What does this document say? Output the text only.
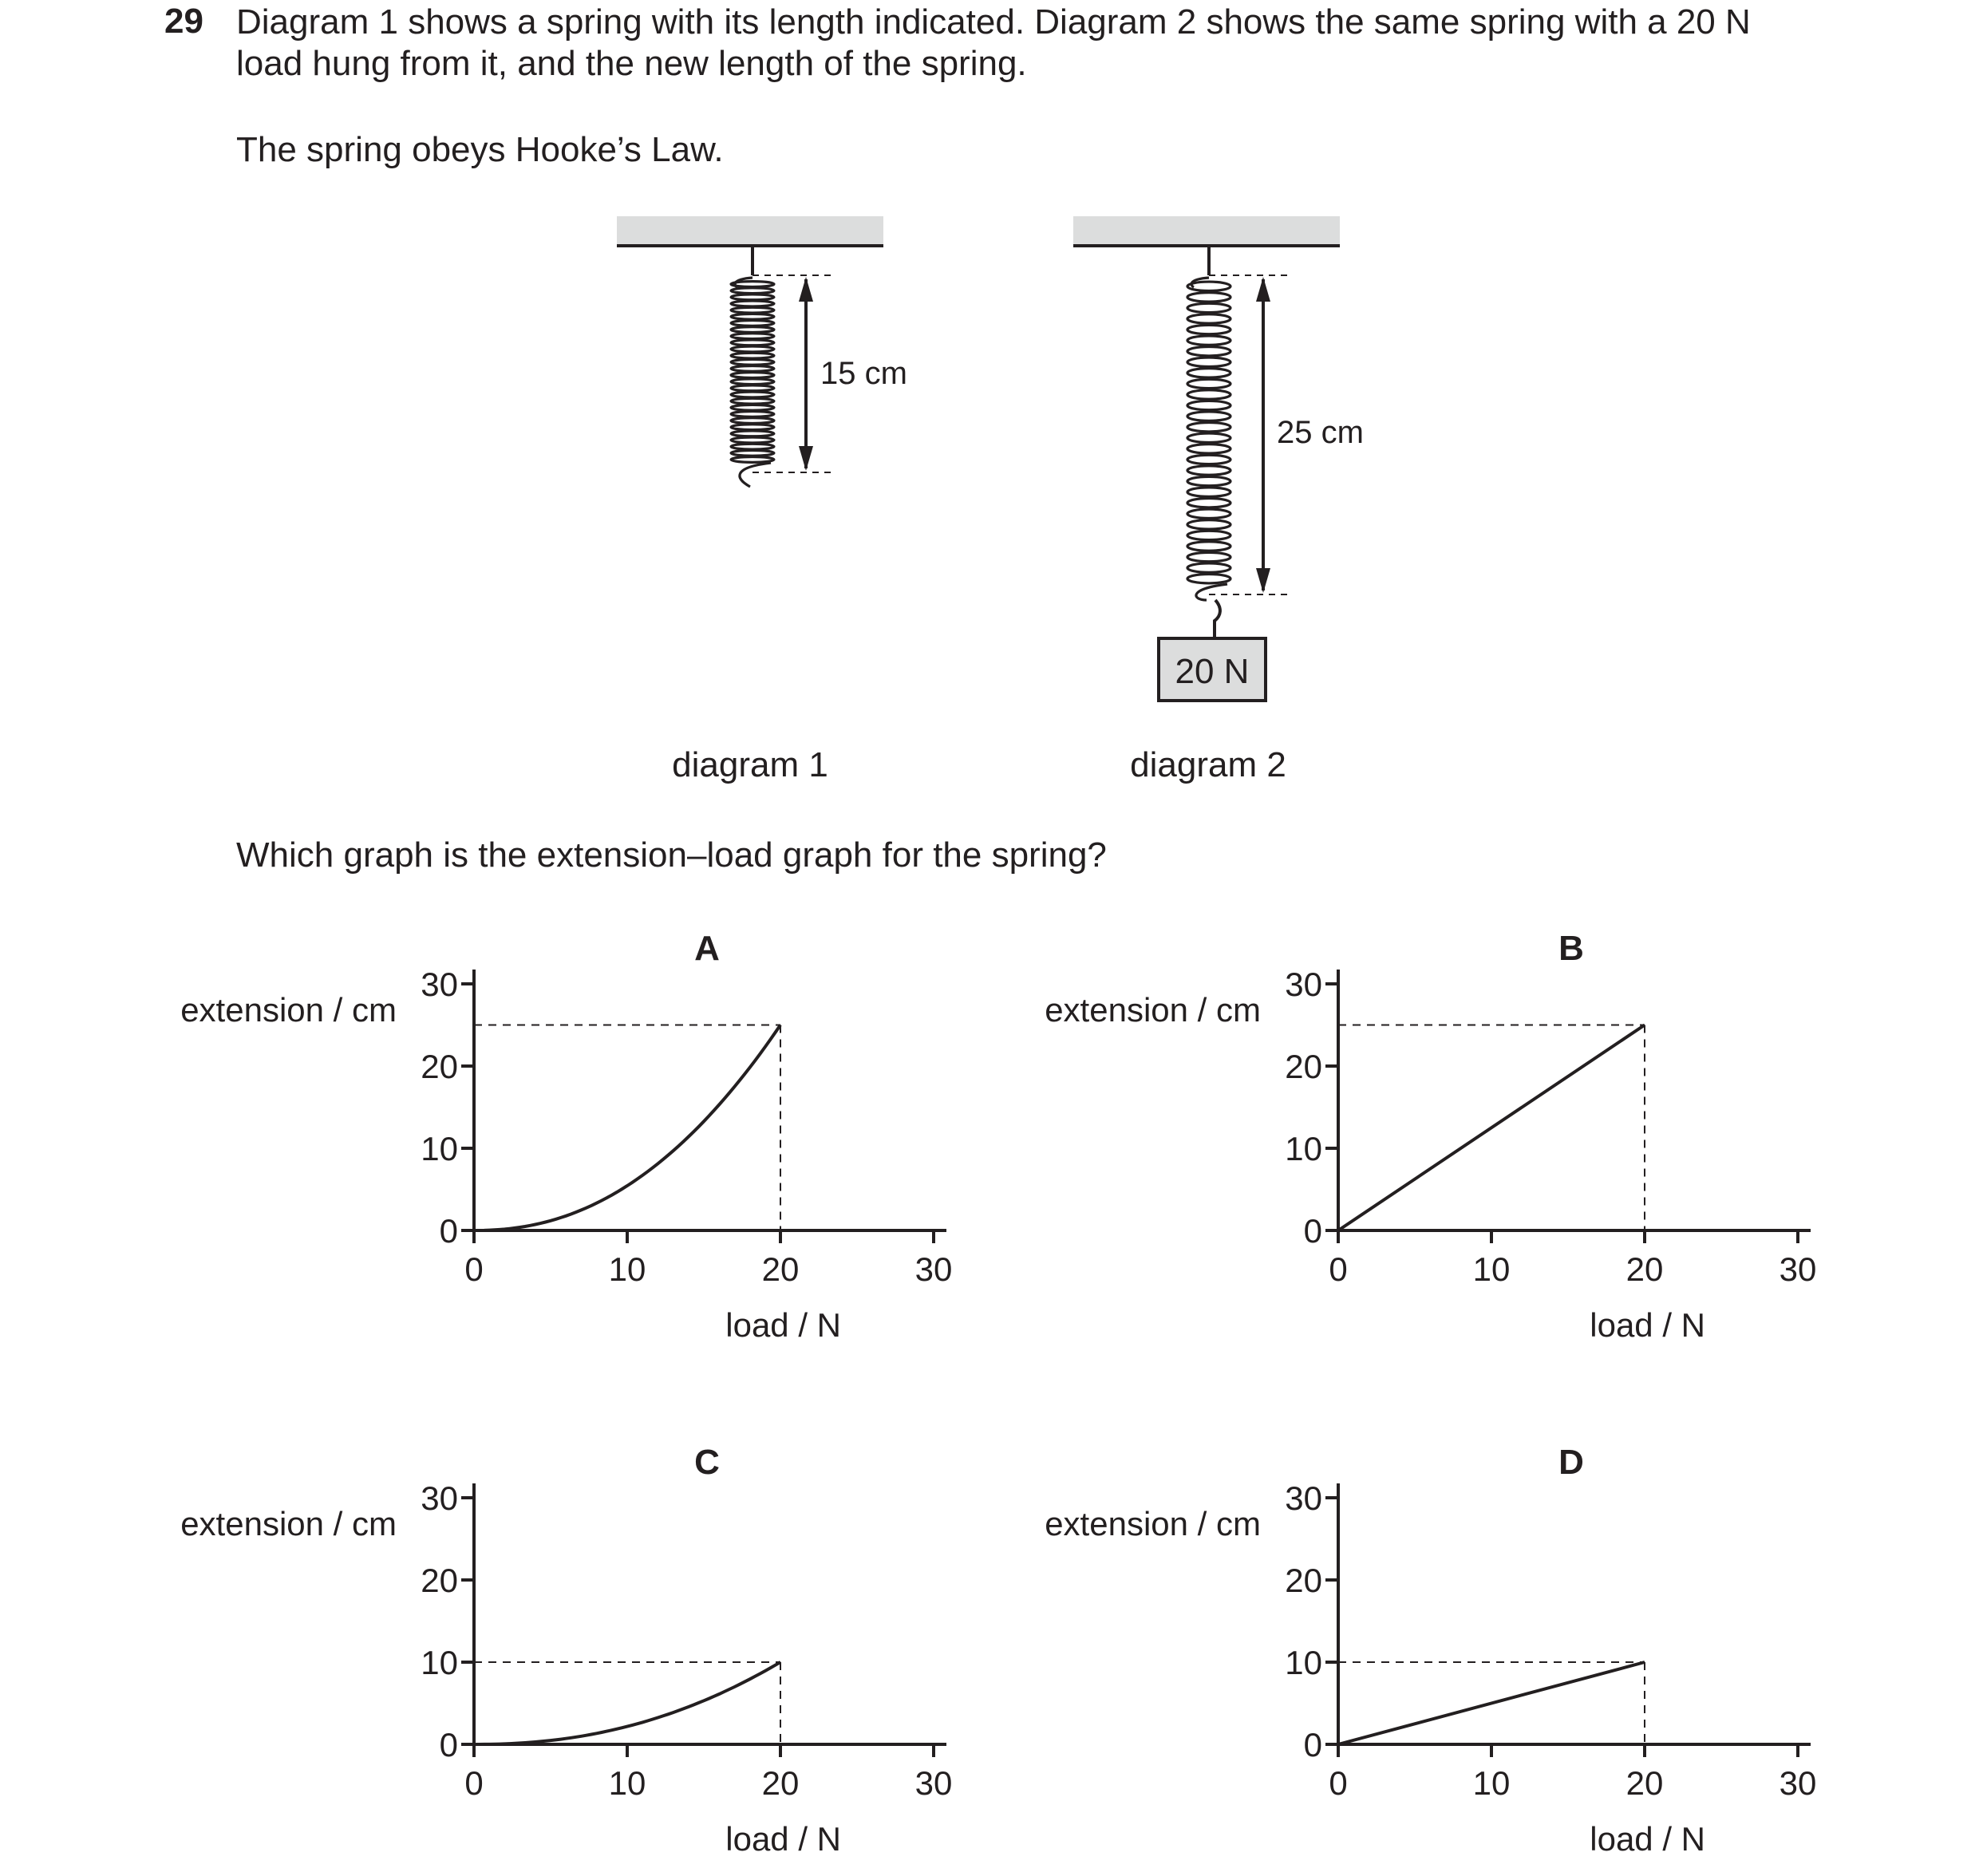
29 Diagram 1 shows a spring with its length indicated. Diagram 2 shows the same spring with a 20 N
load hung from it, and the new length of the spring.
The spring obeys Hooke’s Law.
Which graph is the extension–load graph for the spring?
diagram 1	diagram 2
15 cm
25 cm
20 N
A
extension / cm
load / N
0	10	20	30
0
10
20
30
B
extension / cm
load / N
0	10	20	30
0
10
20
30
C
extension / cm
load / N
0	10	20	30
0
10
20
30
D
extension / cm
load / N
0	10	20	30
0
10
20
30
